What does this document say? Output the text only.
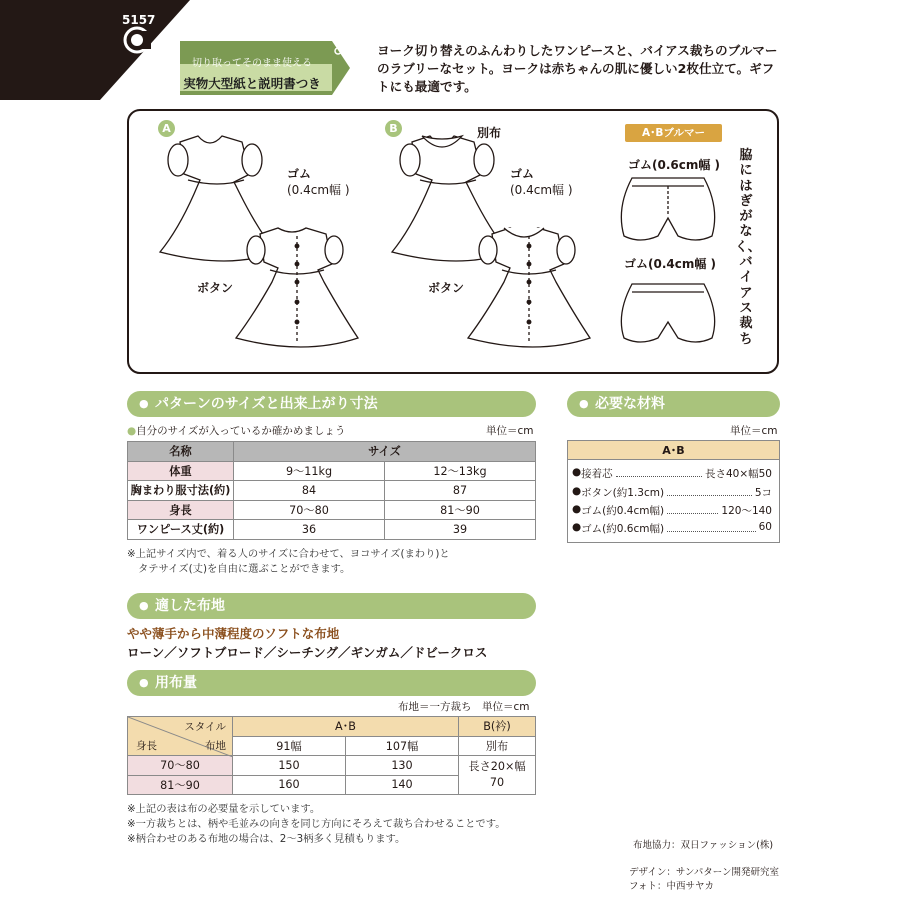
5157
切り取ってそのまま使える
実物大型紙と説明書つき
ヨーク切り替えのふんわりしたワンピースと、バイアス裁ちのブルマーのラブリーなセット。ヨークは赤ちゃんの肌に優しい2枚仕立て。ギフトにも最適です。
A	B	別布
ゴム
(0.4cm幅 )
ゴム
(0.4cm幅 )
ボタン	ボタン
A･Bブルマー
ゴム(0.6cm幅 )
ゴム(0.4cm幅 )
脇にはぎがなく、バイアス裁ち
● パターンのサイズと出来上がり寸法
●自分のサイズが入っているか確かめましょう	単位＝cm
名称	サイズ	
体重	9～11kg	12～13kg
胸まわり服寸法(約)	84	87
身長	70～80	81～90
ワンピース丈(約)	36	39
※上記サイズ内で、着る人のサイズに合わせて、ヨコサイズ(まわり)と
タテサイズ(丈)を自由に選ぶことができます。
● 必要な材料
単位＝cm
A･B
● 接着芯	長さ40×幅50
● ボタン(約1.3cm)	5コ
● ゴム(約0.4cm幅)	120～140
● ゴム(約0.6cm幅)	60
● 適した布地
やや薄手から中薄程度のソフトな布地
ローン／ソフトブロード／シーチング／ギンガム／ドビークロス
● 用布量
布地＝一方裁ち　単位＝cm
スタイル
布地
身長	A･B		B(衿)
	91幅	107幅	別布
70～80	150	130	長さ20×幅70
81～90	160	140	
※上記の表は布の必要量を示しています。
※一方裁ちとは、柄や毛並みの向きを同じ方向にそろえて裁ち合わせることです。
※柄合わせのある布地の場合は、2～3柄多く見積もります。
布地協力：双日ファッション(株)
デザイン：サンパターン開発研究室
フォト：中西サヤカ
